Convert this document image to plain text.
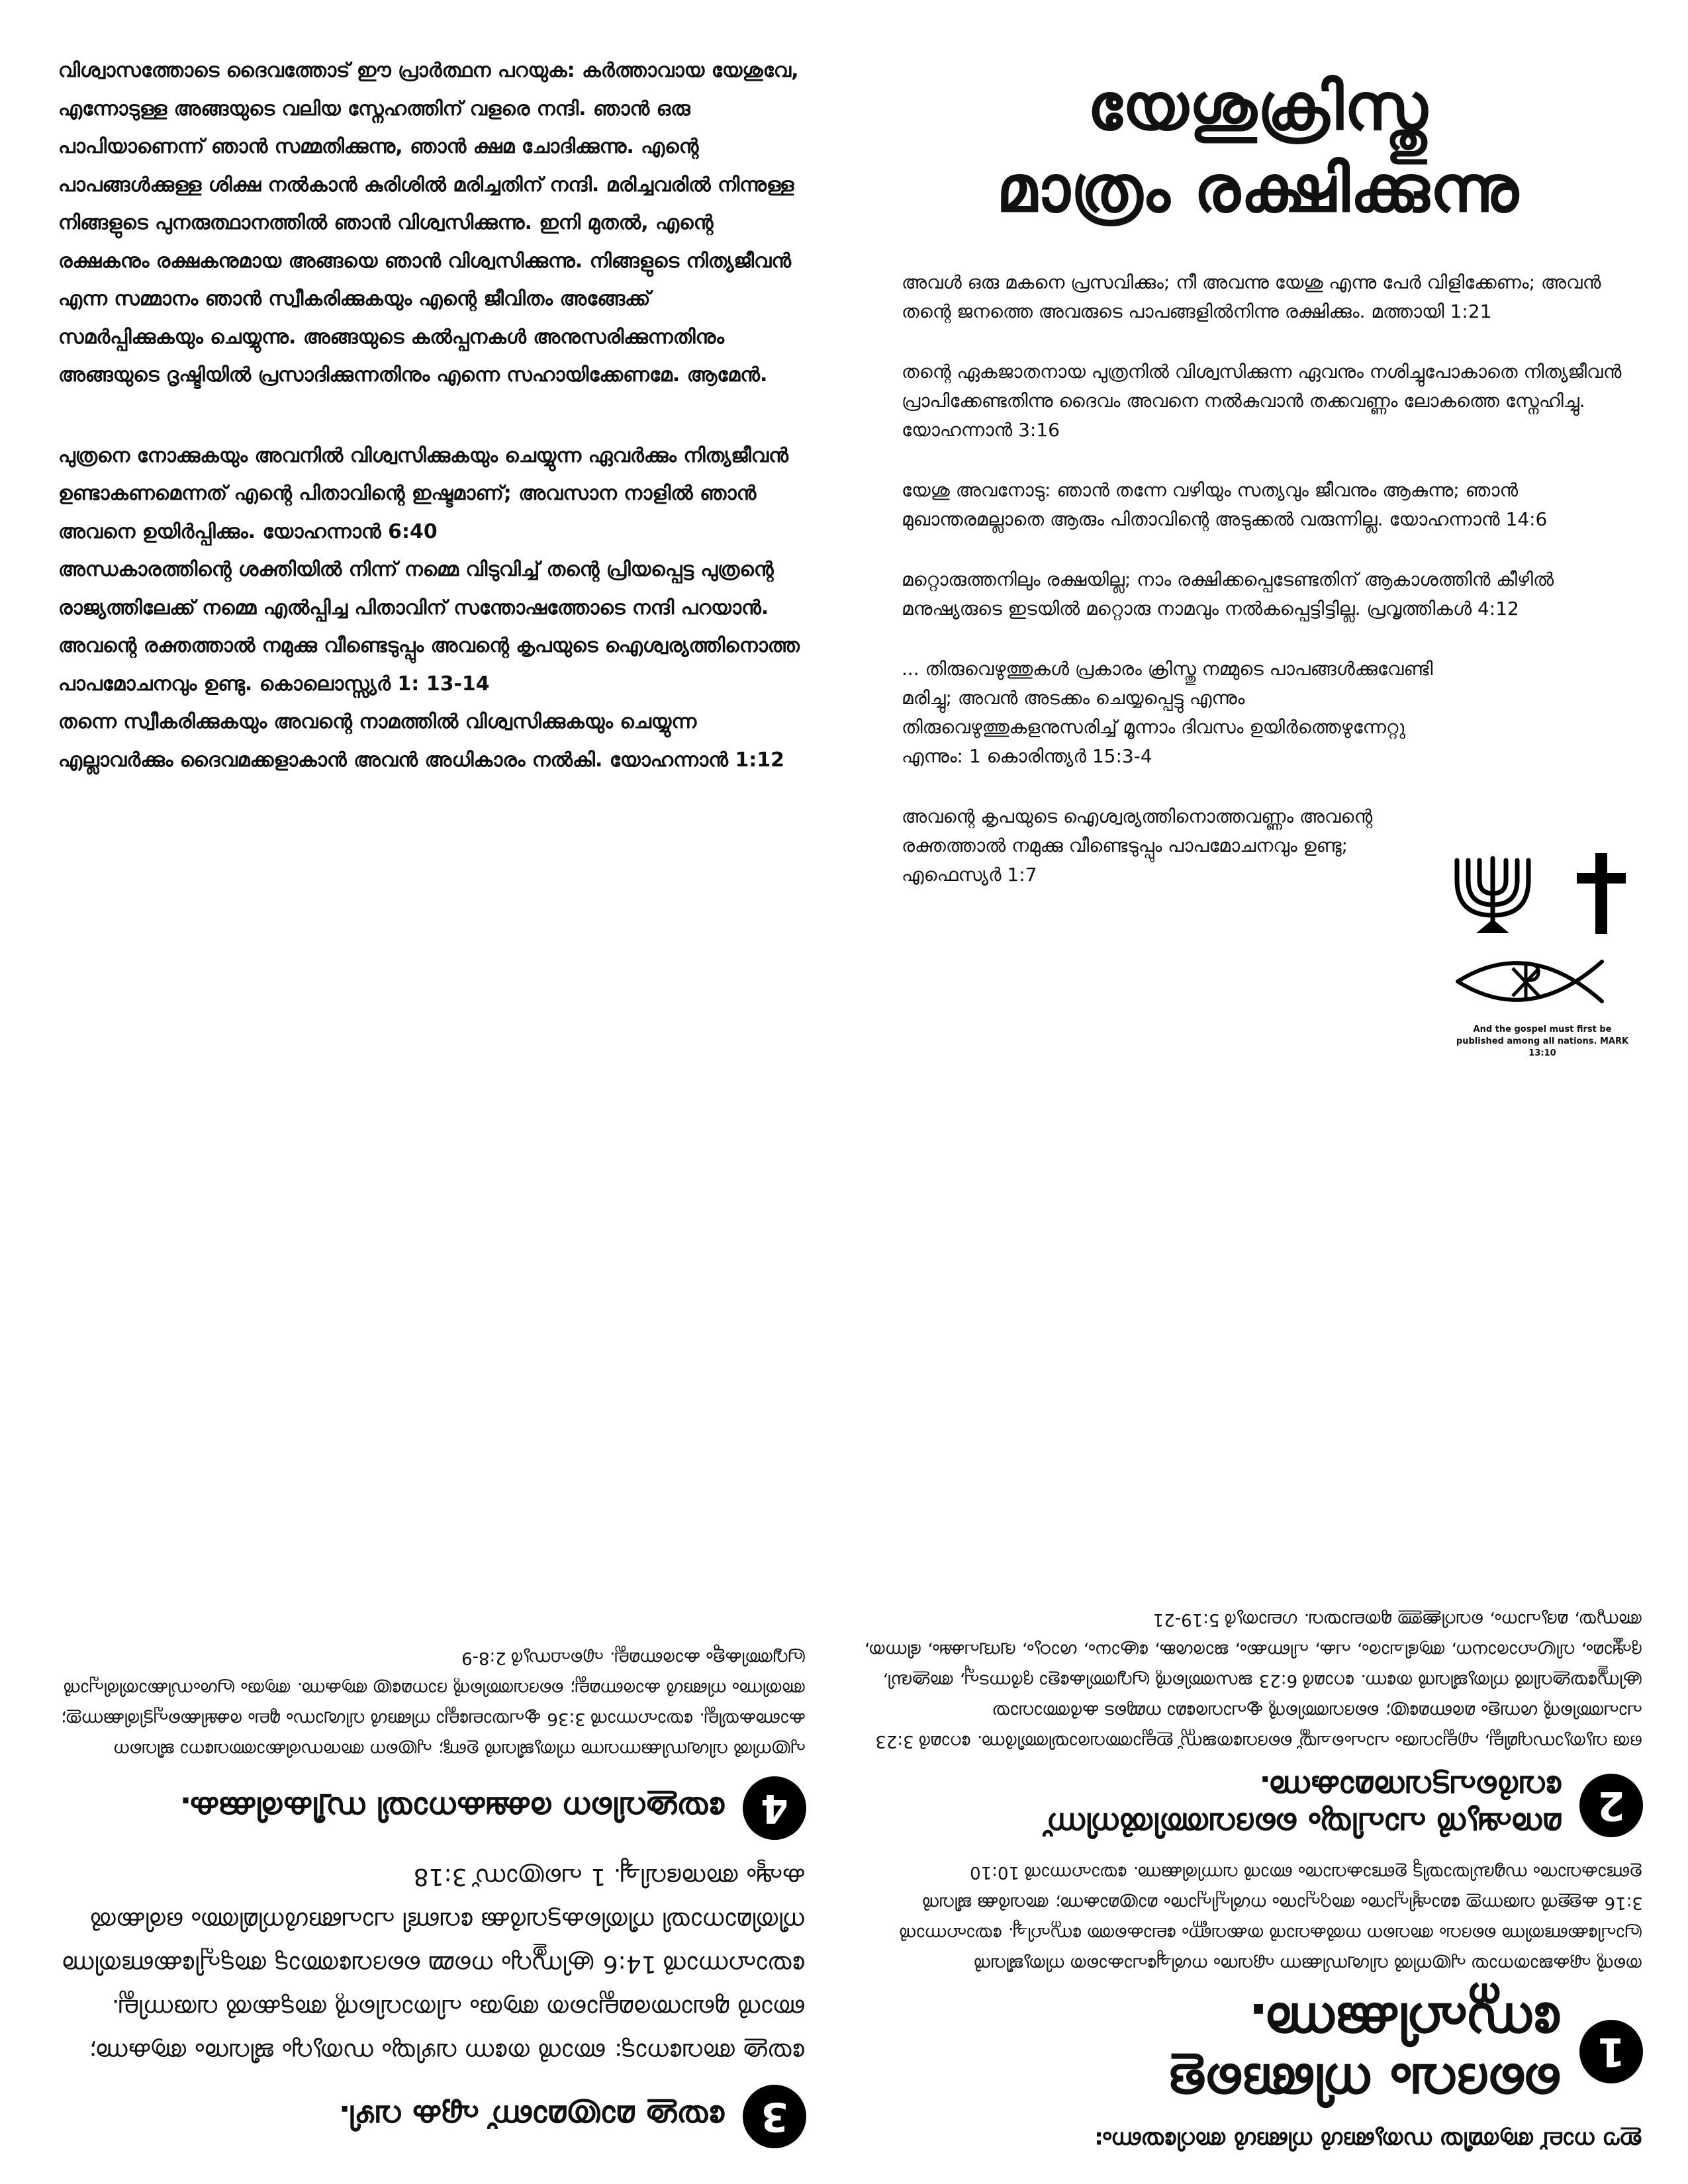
വിശ്വാസത്തോടെ ദൈവത്തോട് ഈ പ്രാർത്ഥന പറയുക: കർത്താവായ യേശുവേ, എന്നോടുള്ള അങ്ങയുടെ വലിയ സ്നേഹത്തിന് വളരെ നന്ദി. ഞാൻ ഒരു പാപിയാണെന്ന് ഞാൻ സമ്മതിക്കുന്നു, ഞാൻ ക്ഷമ ചോദിക്കുന്നു. എന്റെ പാപങ്ങൾക്കുള്ള ശിക്ഷ നൽകാൻ കുരിശിൽ മരിച്ചതിന് നന്ദി. മരിച്ചവരിൽ നിന്നുള്ള നിങ്ങളുടെ പുനരുത്ഥാനത്തിൽ ഞാൻ വിശ്വസിക്കുന്നു. ഇനി മുതൽ, എന്റെ രക്ഷകനും രക്ഷകനുമായ അങ്ങയെ ഞാൻ വിശ്വസിക്കുന്നു. നിങ്ങളുടെ നിത്യജീവൻ എന്ന സമ്മാനം ഞാൻ സ്വീകരിക്കുകയും എന്റെ ജീവിതം അങ്ങേക്ക് സമർപ്പിക്കുകയും ചെയ്യുന്നു. അങ്ങയുടെ കൽപ്പനകൾ അനുസരിക്കുന്നതിനും അങ്ങയുടെ ദൃഷ്ടിയിൽ പ്രസാദിക്കുന്നതിനും എന്നെ സഹായിക്കേണമേ. ആമേൻ.

പുത്രനെ നോക്കുകയും അവനിൽ വിശ്വസിക്കുകയും ചെയ്യുന്ന ഏവർക്കും നിത്യജീവൻ ഉണ്ടാകണമെന്നത് എന്റെ പിതാവിന്റെ ഇഷ്ടമാണ്; അവസാന നാളിൽ ഞാൻ അവനെ ഉയിർപ്പിക്കും. യോഹന്നാൻ 6:40

അന്ധകാരത്തിന്റെ ശക്തിയിൽ നിന്ന് നമ്മെ വിടുവിച്ച് തന്റെ പ്രിയപ്പെട്ട പുത്രന്റെ രാജ്യത്തിലേക്ക് നമ്മെ എൽപ്പിച്ച പിതാവിന് സന്തോഷത്തോടെ നന്ദി പറയാൻ. അവന്റെ രക്തത്താൽ നമുക്കു വീണ്ടെടുപ്പും അവന്റെ കൃപയുടെ ഐശ്വര്യത്തിനൊത്ത പാപമോചനവും ഉണ്ടു. കൊലൊസ്സ്യർ 1: 13-14

തന്നെ സ്വീകരിക്കുകയും അവന്റെ നാമത്തിൽ വിശ്വസിക്കുകയും ചെയ്യുന്ന എല്ലാവർക്കും ദൈവമക്കളാകാൻ അവൻ അധികാരം നൽകി. യോഹന്നാൻ 1:12

യേശുക്രിസ്തു
മാത്രം രക്ഷിക്കുന്നു

അവൾ ഒരു മകനെ പ്രസവിക്കും; നീ അവന്നു യേശു എന്നു പേർ വിളിക്കേണം; അവൻ തന്റെ ജനത്തെ അവരുടെ പാപങ്ങളിൽനിന്നു രക്ഷിക്കും. മത്തായി 1:21

തന്റെ ഏകജാതനായ പുത്രനിൽ വിശ്വസിക്കുന്ന ഏവനും നശിച്ചുപോകാതെ നിത്യജീവൻ പ്രാപിക്കേണ്ടതിന്നു ദൈവം അവനെ നൽകുവാൻ തക്കവണ്ണം ലോകത്തെ സ്നേഹിച്ചു. യോഹന്നാൻ 3:16

യേശു അവനോടു: ഞാൻ തന്നേ വഴിയും സത്യവും ജീവനും ആകുന്നു; ഞാൻ മുഖാന്തരമല്ലാതെ ആരും പിതാവിന്റെ അടുക്കൽ വരുന്നില്ല. യോഹന്നാൻ 14:6

മറ്റൊരുത്തനിലും രക്ഷയില്ല; നാം രക്ഷിക്കപ്പെടേണ്ടതിന് ആകാശത്തിൻ കീഴിൽ മനുഷ്യരുടെ ഇടയിൽ മറ്റൊരു നാമവും നൽകപ്പെട്ടിട്ടില്ല. പ്രവൃത്തികൾ 4:12

... തിരുവെഴുത്തുകൾ പ്രകാരം ക്രിസ്തു നമ്മുടെ പാപങ്ങൾക്കുവേണ്ടി മരിച്ചു; അവൻ അടക്കം ചെയ്യപ്പെട്ടു എന്നും തിരുവെഴുത്തുകളനുസരിച്ച് മൂന്നാം ദിവസം ഉയിർത്തെഴുന്നേറ്റു എന്നും: 1 കൊരിന്ത്യർ 15:3-4

അവന്റെ കൃപയുടെ ഐശ്വര്യത്തിനൊത്തവണ്ണം അവന്റെ രക്തത്താൽ നമുക്കു വീണ്ടെടുപ്പും പാപമോചനവും ഉണ്ടു; എഫെസ്യർ 1:7

And the gospel must first be published among all nations. MARK 13:10

ഈ നാല് ആത്മീയ സത്യങ്ങൾ നിങ്ങൾ അറിയേണം:

1
ദൈവം നിങ്ങളെ സ്നേഹിക്കുന്നു.

തന്റെ ഏകജാതനായ പുത്രനിൽ വിശ്വസിക്കുന്ന ഏവനും നശിച്ചുപോകാതെ നിത്യജീവൻ പ്രാപിക്കേണ്ടതിന്നു ദൈവം അവനെ നൽകുവാൻ തക്കവണ്ണം ലോകത്തെ സ്നേഹിച്ചു. യോഹന്നാൻ 3:16 കള്ളൻ വരുന്നതു മോഷ്ടിപ്പാനും അറുപ്പാനും നശിപ്പിപ്പാനും മാത്രമാകുന്നു; അവർക്കു ജീവൻ ഉണ്ടാകുവാനും സമൃദ്ധിയായിട്ടു ഉണ്ടാകുവാനും ഞാൻ വന്നിരിക്കുന്നു. യോഹന്നാൻ 10:10

2
മനുഷ്യൻ പാപിയും ദൈവത്തിൽനിന്ന് വേർപെട്ടവനുമാകുന്നു.

ഒരു വ്യത്യാസവുമില്ല, എല്ലാവരും പാപംചെയ്ത് ദൈവതേജസ്സ് ഇല്ലാത്തവരായിത്തീർന്നു. റോമർ 3:23 പാപത്തിന്റെ ശമ്പളം മരണമത്രേ; ദൈവത്തിന്റെ കൃപാവരമോ നമ്മുടെ കർത്താവായ ക്രിസ്തുയേശുവിൽ നിത്യജീവൻ തന്നേ. റോമർ 6:23 ജഡത്തിന്റെ പ്രവൃത്തികളോ ദുർന്നടപ്പു, അശുദ്ധി, ദുഷ്കാമം, വിഗ്രഹാരാധന, ആഭിചാരം, പക, പിണക്കം, ജാരശങ്ക, ക്രോധം, ശാഠ്യം, ദ്വന്ദ്വപക്ഷം, ഭിന്നത, അസൂയ, മദ്യപാനം, വെറിക്കൂത്തു മുതലായവ. ഗലാത്യർ 5:19-21

3
യേശു മാത്രമാണ് ഏക വഴി.

യേശു അവനോടു: ഞാൻ തന്നേ വഴിയും സത്യവും ജീവനും ആകുന്നു; ഞാൻ മുഖാന്തരമല്ലാതെ ആരും പിതാവിന്റെ അടുക്കൽ വരുന്നില്ല. യോഹന്നാൻ 14:6 ക്രിസ്തുവും നമ്മെ ദൈവത്തോടു അടുപ്പിക്കേണ്ടതിന്നു നീതിമാനായി നീതികെട്ടവർക്കു വേണ്ടി പാപങ്ങൾനിമിത്തം ഒരിക്കൽ കഷ്ടം അനുഭവിച്ചു. 1 പത്രൊസ് 3:18

4
യേശുവിനെ രക്ഷകനായി സ്വീകരിക്കുക.

പുത്രനിൽ വിശ്വസിക്കുന്നവന്നു നിത്യജീവൻ ഉണ്ടു; പുത്രനെ അനുസരിക്കാത്തവനോ ജീവനെ കാണുകയില്ല. യോഹന്നാൻ 3:36 കൃപയാലല്ലോ നിങ്ങൾ വിശ്വാസം മൂലം രക്ഷിക്കപ്പെട്ടിരിക്കുന്നതു; അതിന്നും നിങ്ങൾ കാരണമല്ല; ദൈവത്തിന്റെ ദാനമത്രേ ആകുന്നു. ആരും പ്രശംസിക്കാതിരിപ്പാൻ പ്രവൃത്തികളും കാരണമല്ല. എഫെസ്യർ 2:8-9
